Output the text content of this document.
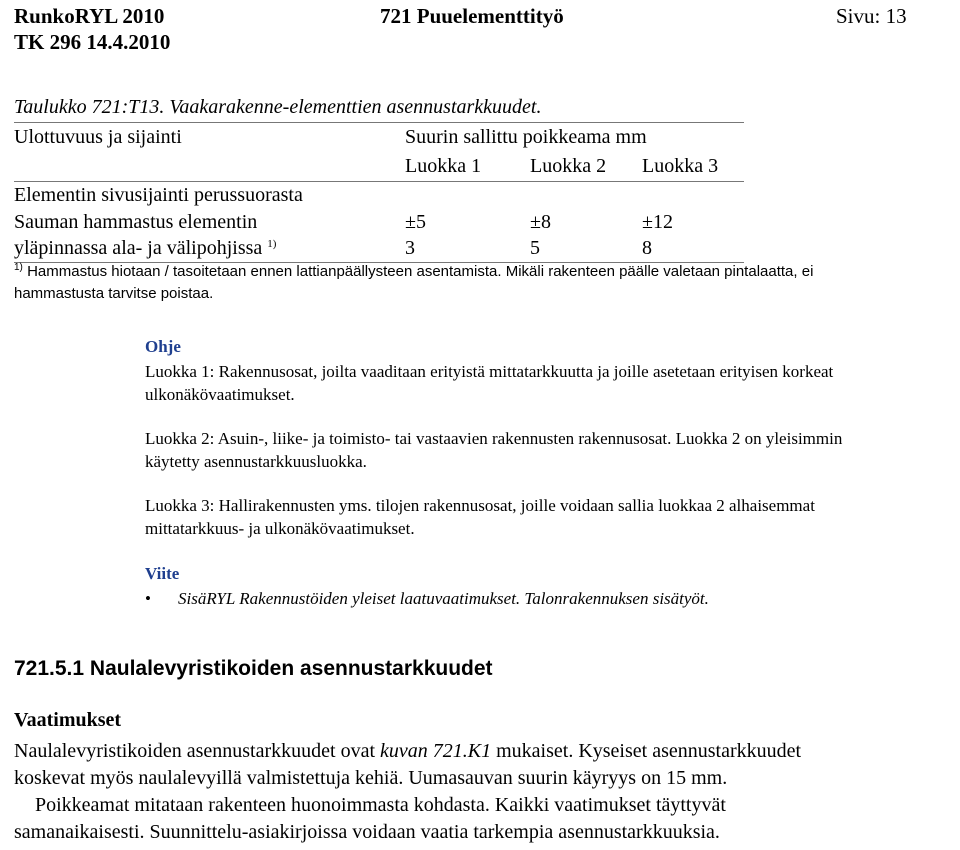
RunkoRYL 2010
TK 296 14.4.2010
721 Puuelementtityö	Sivu: 13
Taulukko 721:T13. Vaakarakenne-elementtien asennustarkkuudet.
Ulottuvuus ja sijainti	Suurin sallittu poikkeama mm
Luokka 1 Luokka 2 Luokka 3
Elementin sivusijainti perussuorasta
Sauman hammastus elementin	±5	±8	±12
yläpinnassa ala- ja välipohjissa $^{1)}$	3	5	8
$^{1)}$ Hammastus hiotaan / tasoitetaan ennen lattianpäällysteen asentamista. Mikäli rakenteen päälle valetaan pintalaatta, ei
hammastusta tarvitse poistaa.
Ohje
Luokka 1: Rakennusosat, joilta vaaditaan erityistä mittatarkkuutta ja joille asetetaan erityisen korkeat
ulkonäkövaatimukset.
Luokka 2: Asuin-, liike- ja toimisto- tai vastaavien rakennusten rakennusosat. Luokka 2 on yleisimmin
käytetty asennustarkkuusluokka.
Luokka 3: Hallirakennusten yms. tilojen rakennusosat, joille voidaan sallia luokkaa 2 alhaisemmat
mittatarkkuus- ja ulkonäkövaatimukset.
Viite
• SisäRYL Rakennustöiden yleiset laatuvaatimukset. Talonrakennuksen sisätyöt.
721.5.1 Naulalevyristikoiden asennustarkkuudet
Vaatimukset
Naulalevyristikoiden asennustarkkuudet ovat kuvan 721.K1 mukaiset. Kyseiset asennustarkkuudet
koskevat myös naulalevyillä valmistettuja kehiä. Uumasauvan suurin käyryys on 15 mm.
Poikkeamat mitataan rakenteen huonoimmasta kohdasta. Kaikki vaatimukset täyttyvät
samanaikaisesti. Suunnittelu-asiakirjoissa voidaan vaatia tarkempia asennustarkkuuksia.
